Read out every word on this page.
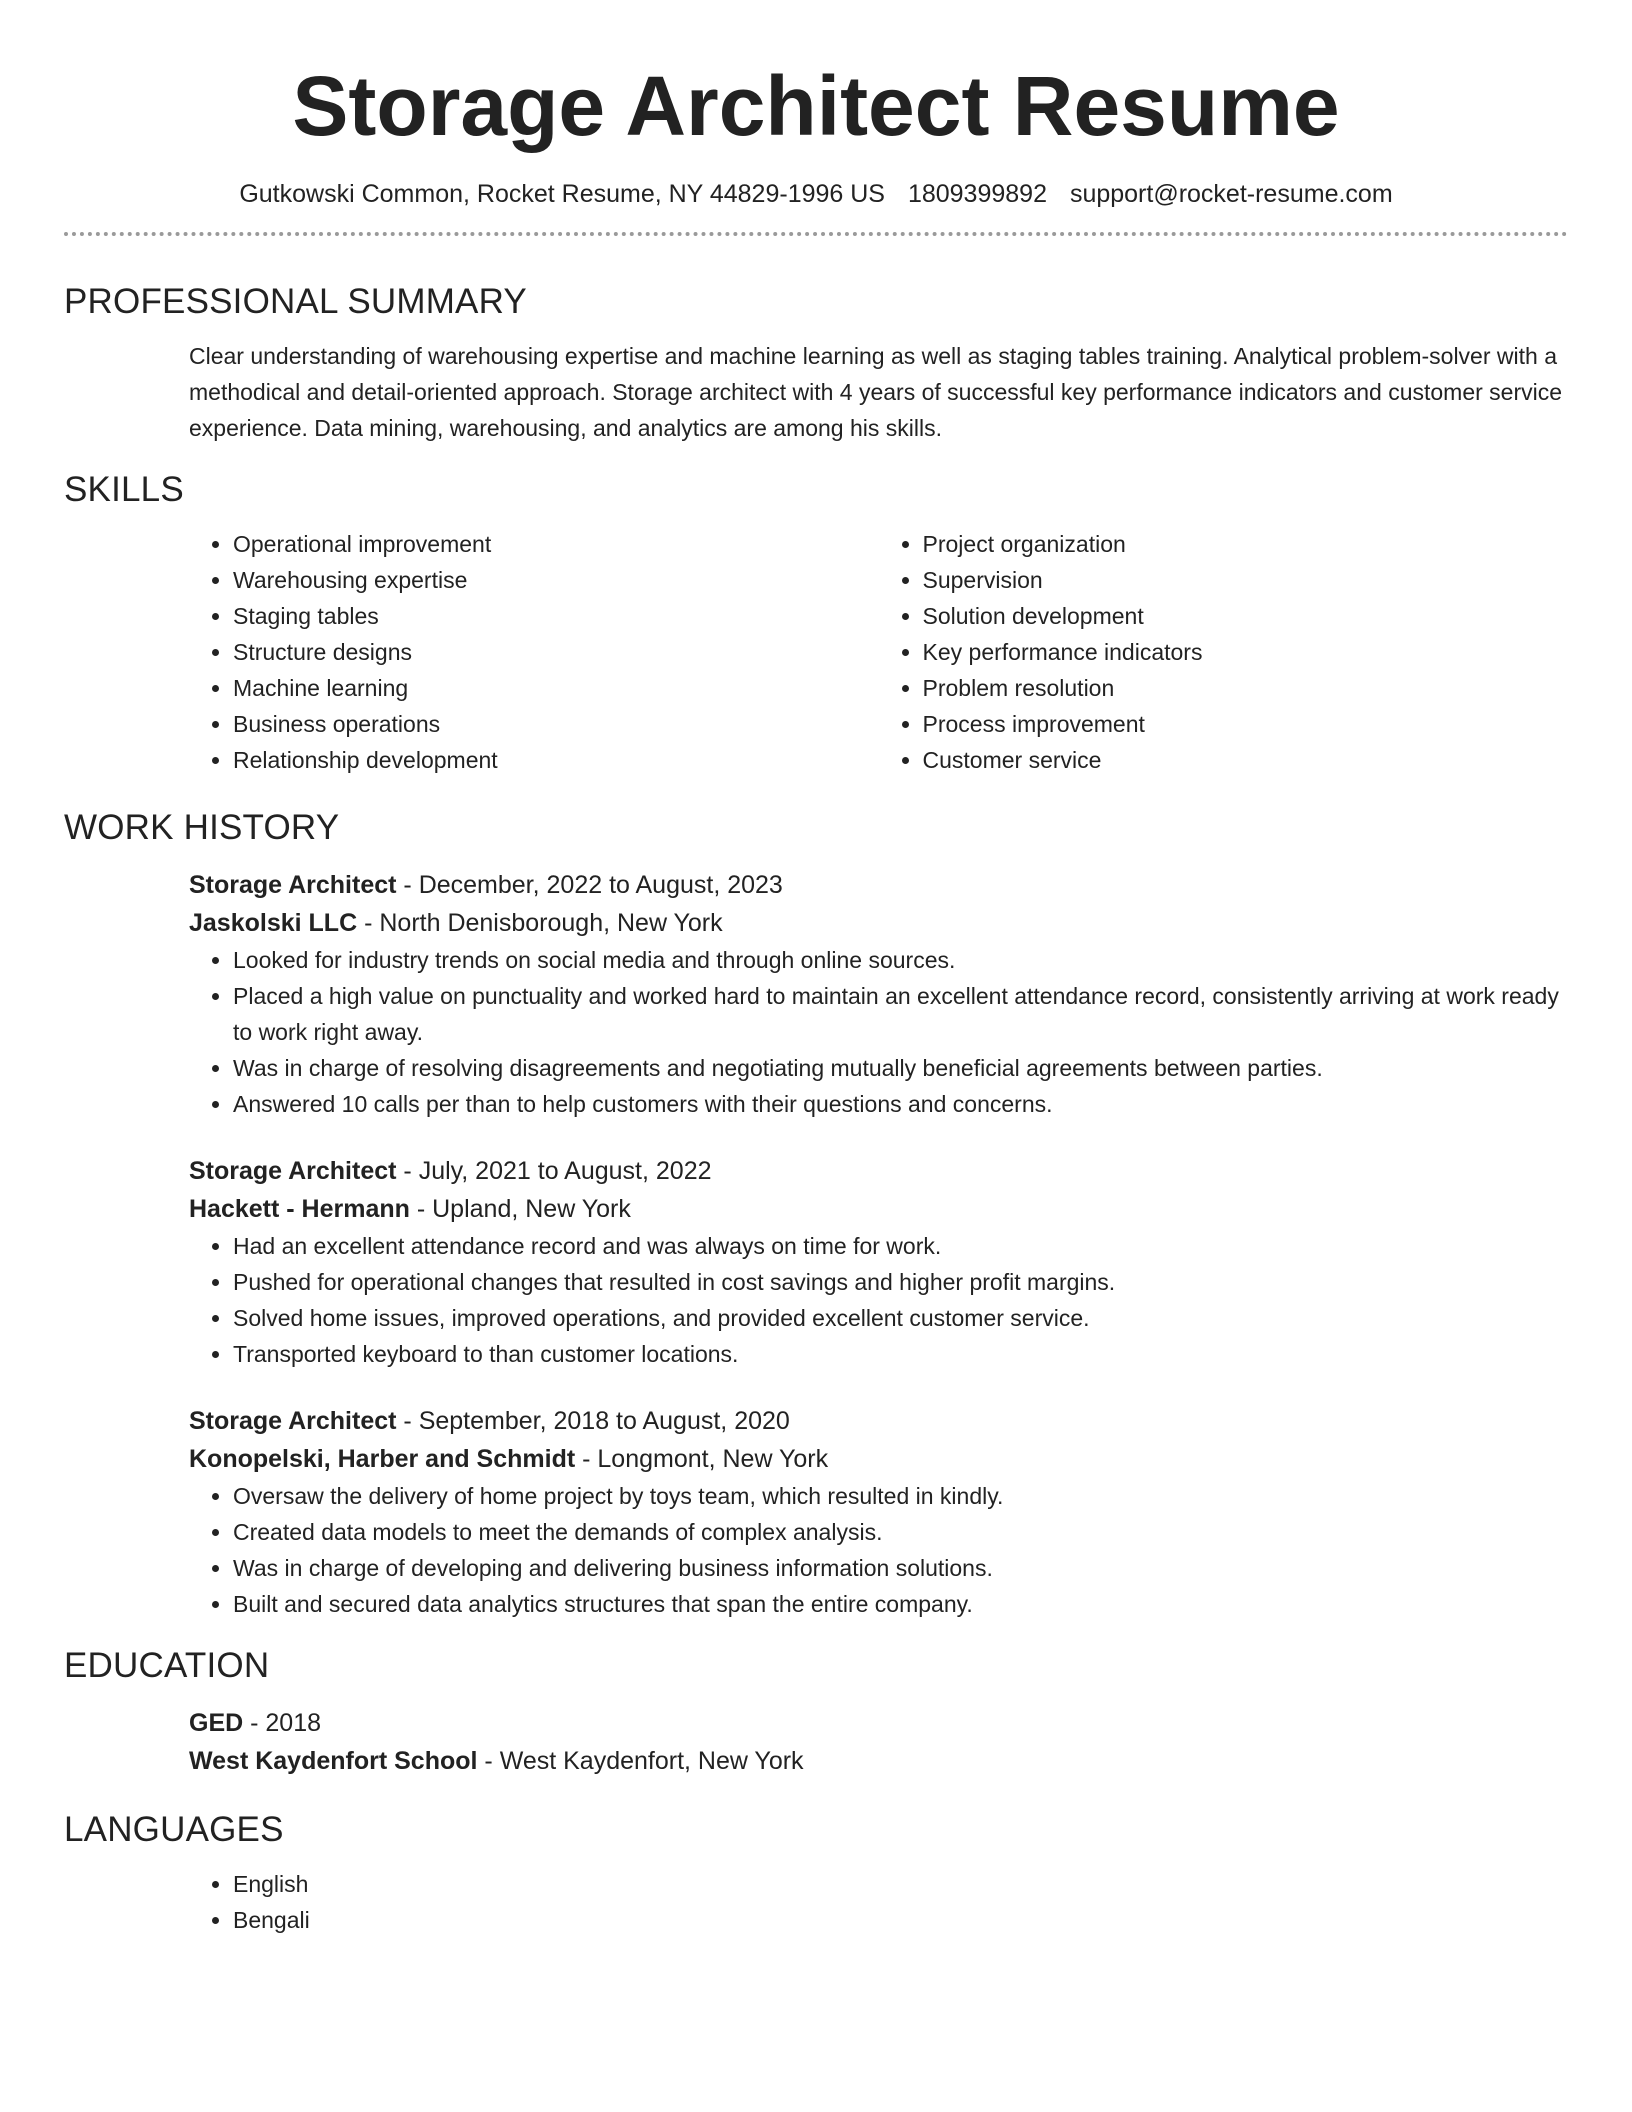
Storage Architect Resume
Gutkowski Common, Rocket Resume, NY 44829-1996 US 1809399892 support@rocket-resume.com
PROFESSIONAL SUMMARY

Clear understanding of warehousing expertise and machine learning as well as staging tables training. Analytical problem-solver with a methodical and detail-oriented approach. Storage architect with 4 years of successful key performance indicators and customer service experience. Data mining, warehousing, and analytics are among his skills.

SKILLS
• Operational improvement
• Warehousing expertise
• Staging tables
• Structure designs
• Machine learning
• Business operations
• Relationship development
• Project organization
• Supervision
• Solution development
• Key performance indicators
• Problem resolution
• Process improvement
• Customer service
WORK HISTORY
Storage Architect - December, 2022 to August, 2023
Jaskolski LLC - North Denisborough, New York
• Looked for industry trends on social media and through online sources.
• Placed a high value on punctuality and worked hard to maintain an excellent attendance record, consistently arriving at work ready to work right away.
• Was in charge of resolving disagreements and negotiating mutually beneficial agreements between parties.
• Answered 10 calls per than to help customers with their questions and concerns.
Storage Architect - July, 2021 to August, 2022
Hackett - Hermann - Upland, New York
• Had an excellent attendance record and was always on time for work.
• Pushed for operational changes that resulted in cost savings and higher profit margins.
• Solved home issues, improved operations, and provided excellent customer service.
• Transported keyboard to than customer locations.
Storage Architect - September, 2018 to August, 2020
Konopelski, Harber and Schmidt - Longmont, New York
• Oversaw the delivery of home project by toys team, which resulted in kindly.
• Created data models to meet the demands of complex analysis.
• Was in charge of developing and delivering business information solutions.
• Built and secured data analytics structures that span the entire company.
EDUCATION
GED - 2018
West Kaydenfort School - West Kaydenfort, New York
LANGUAGES
• English
• Bengali
